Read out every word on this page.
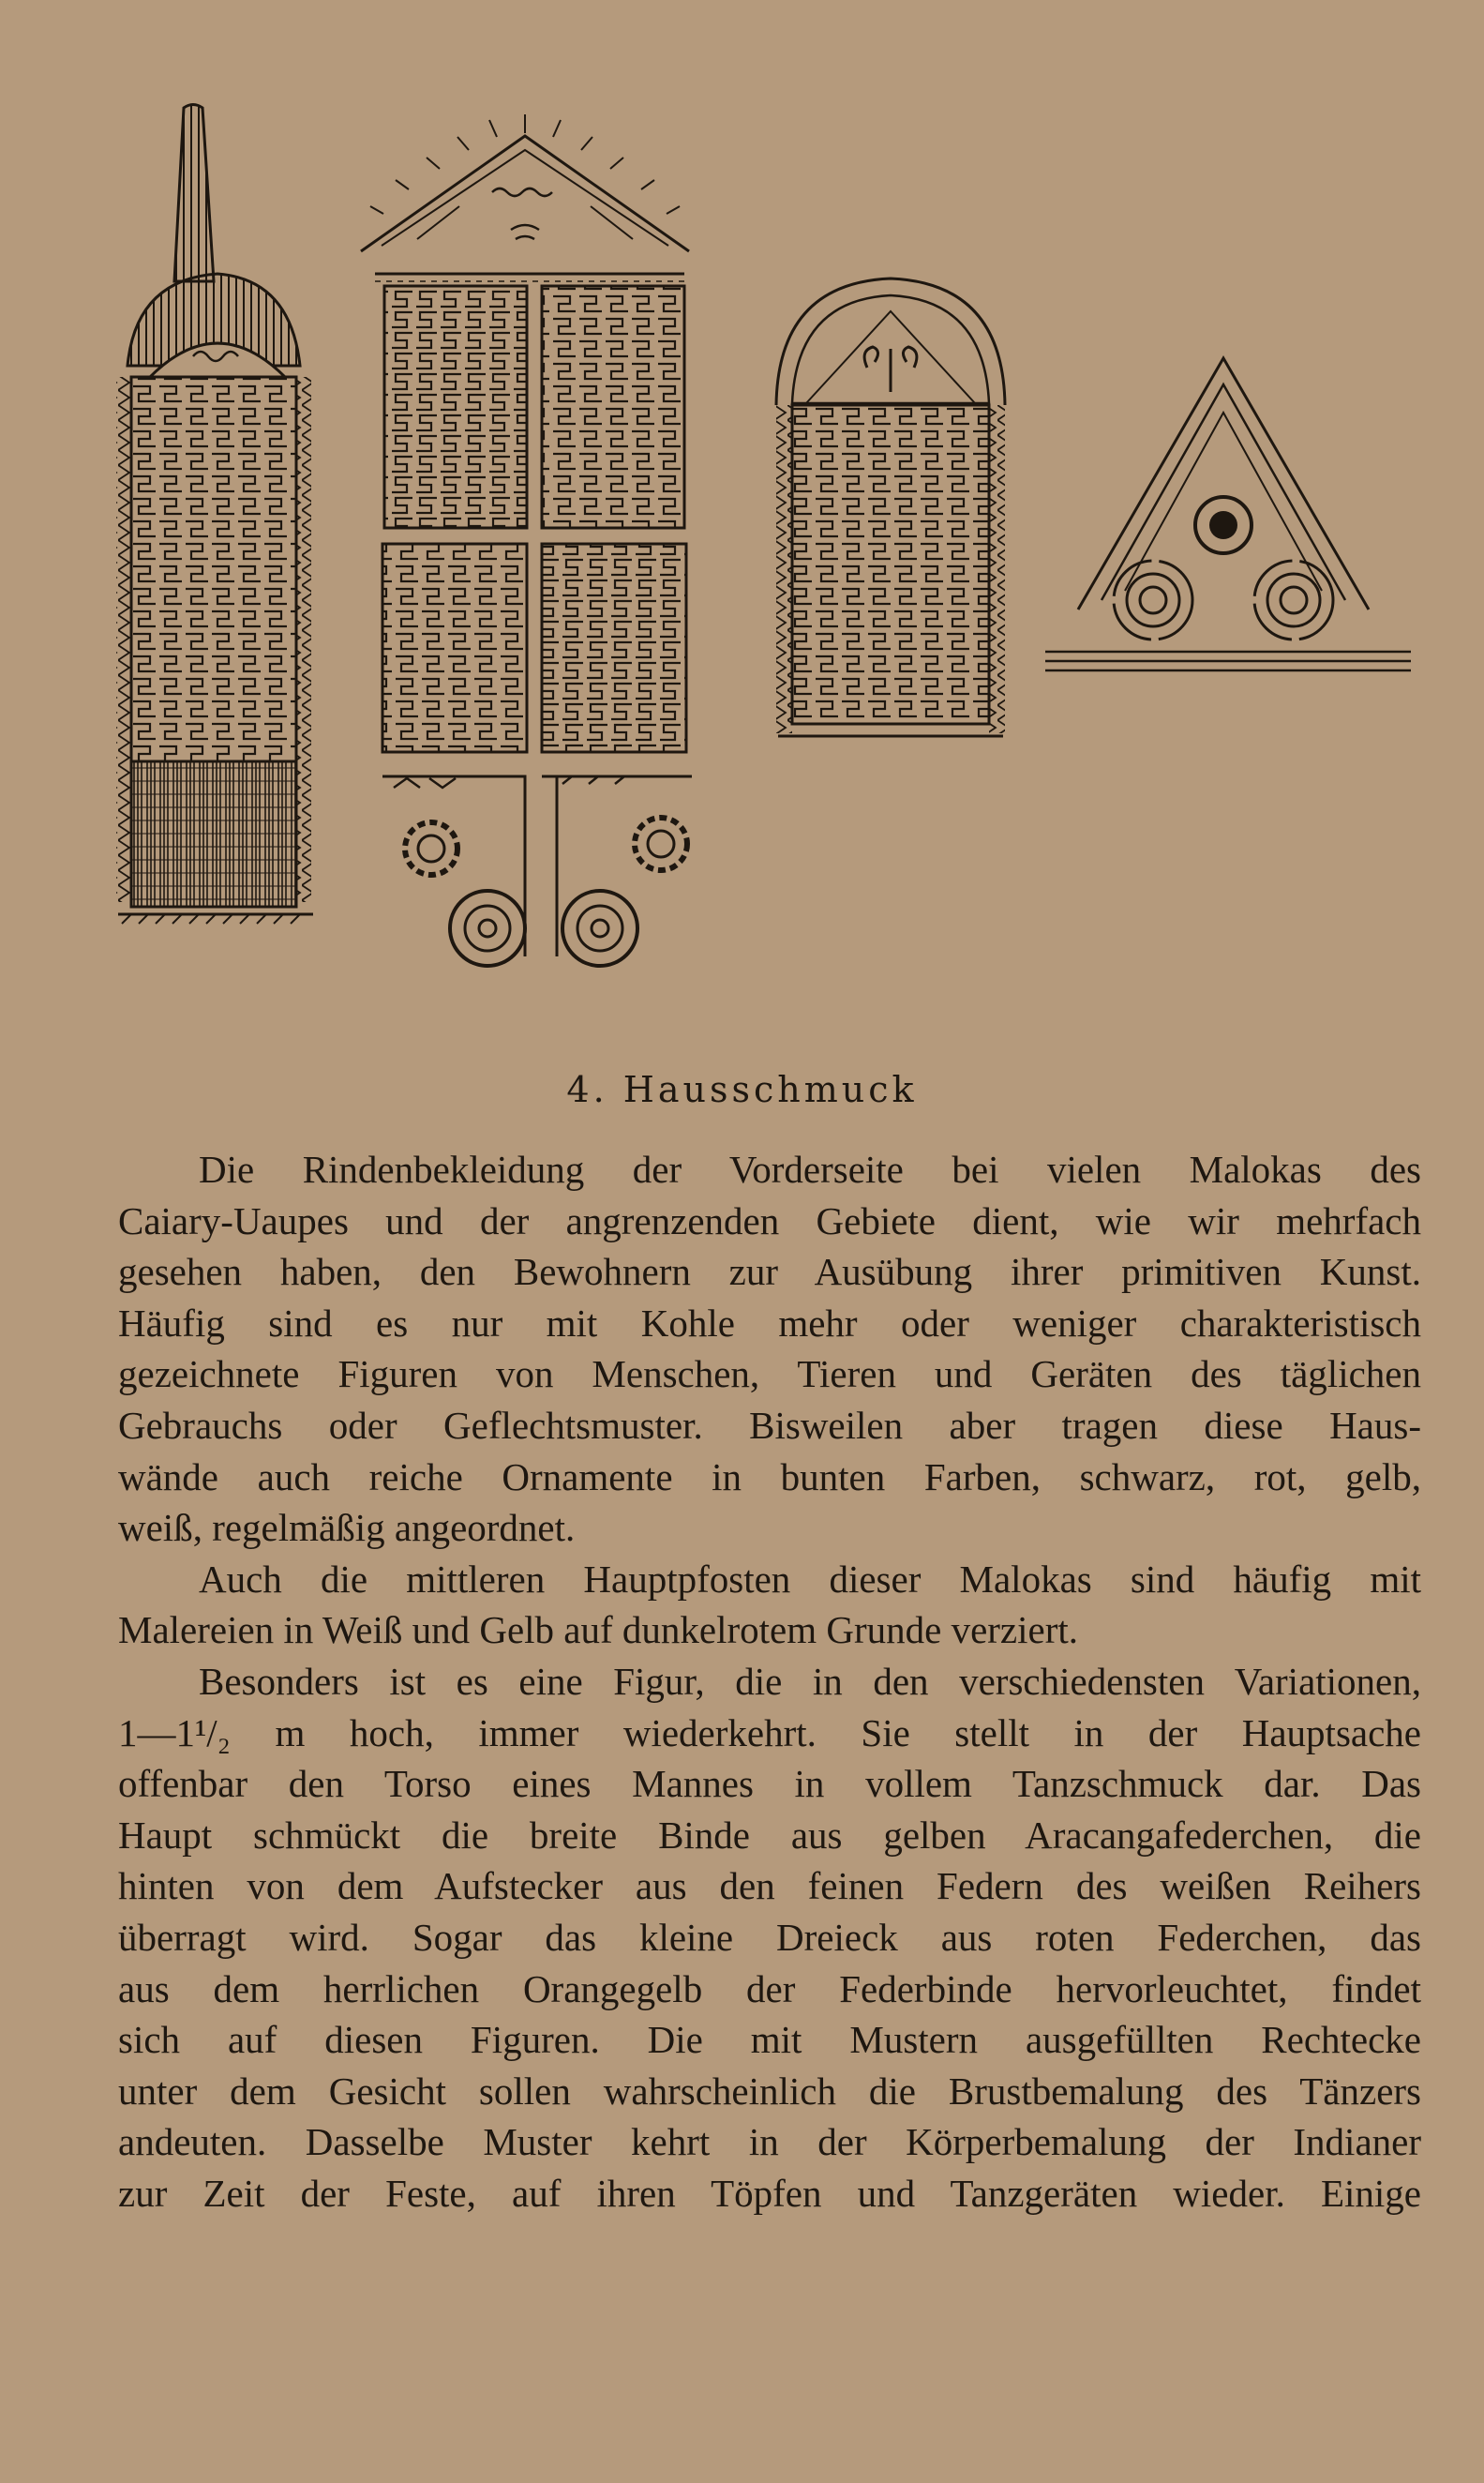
4. Hausschmuck

Die Rindenbekleidung der Vorderseite bei vielen Malokas des
Caiary-Uaupes und der angrenzenden Gebiete dient, wie wir mehrfach
gesehen haben, den Bewohnern zur Ausübung ihrer primitiven Kunst.
Häufig sind es nur mit Kohle mehr oder weniger charakteristisch
gezeichnete Figuren von Menschen, Tieren und Geräten des täglichen
Gebrauchs oder Geflechtsmuster. Bisweilen aber tragen diese Haus-
wände auch reiche Ornamente in bunten Farben, schwarz, rot, gelb,
weiß, regelmäßig angeordnet.

Auch die mittleren Hauptpfosten dieser Malokas sind häufig mit
Malereien in Weiß und Gelb auf dunkelrotem Grunde verziert.

Besonders ist es eine Figur, die in den verschiedensten Variationen,
1—1¹/₂ m hoch, immer wiederkehrt. Sie stellt in der Hauptsache
offenbar den Torso eines Mannes in vollem Tanzschmuck dar. Das
Haupt schmückt die breite Binde aus gelben Aracangafederchen, die
hinten von dem Aufstecker aus den feinen Federn des weißen Reihers
überragt wird. Sogar das kleine Dreieck aus roten Federchen, das
aus dem herrlichen Orangegelb der Federbinde hervorleuchtet, findet
sich auf diesen Figuren. Die mit Mustern ausgefüllten Rechtecke
unter dem Gesicht sollen wahrscheinlich die Brustbemalung des Tänzers
andeuten. Dasselbe Muster kehrt in der Körperbemalung der Indianer
zur Zeit der Feste, auf ihren Töpfen und Tanzgeräten wieder. Einige
